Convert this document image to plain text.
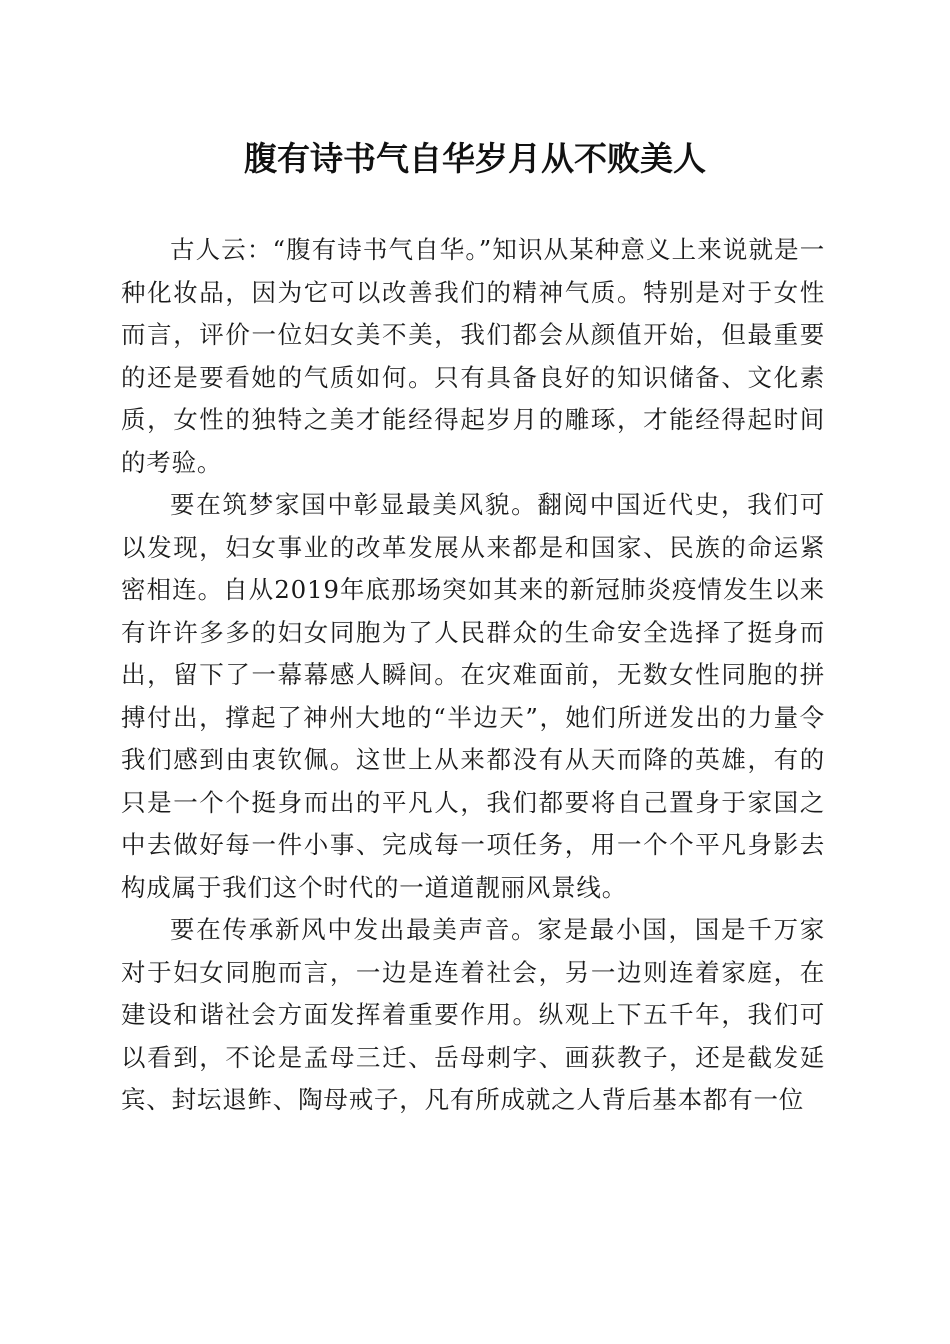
腹有诗书气自华岁月从不败美人

古人云：“腹有诗书气自华。”知识从某种意义上来说就是一种化妆品，因为它可以改善我们的精神气质。特别是对于女性而言，评价一位妇女美不美，我们都会从颜值开始，但最重要的还是要看她的气质如何。只有具备良好的知识储备、文化素质，女性的独特之美才能经得起岁月的雕琢，才能经得起时间的考验。

要在筑梦家国中彰显最美风貌。翻阅中国近代史，我们可以发现，妇女事业的改革发展从来都是和国家、民族的命运紧密相连。自从2019年底那场突如其来的新冠肺炎疫情发生以来有许许多多的妇女同胞为了人民群众的生命安全选择了挺身而出，留下了一幕幕感人瞬间。在灾难面前，无数女性同胞的拼搏付出，撑起了神州大地的“半边天”，她们所迸发出的力量令我们感到由衷钦佩。这世上从来都没有从天而降的英雄，有的只是一个个挺身而出的平凡人，我们都要将自己置身于家国之中去做好每一件小事、完成每一项任务，用一个个平凡身影去构成属于我们这个时代的一道道靓丽风景线。

要在传承新风中发出最美声音。家是最小国，国是千万家对于妇女同胞而言，一边是连着社会，另一边则连着家庭，在建设和谐社会方面发挥着重要作用。纵观上下五千年，我们可以看到，不论是孟母三迁、岳母刺字、画荻教子，还是截发延宾、封坛退鲊、陶母戒子，凡有所成就之人背后基本都有一位
